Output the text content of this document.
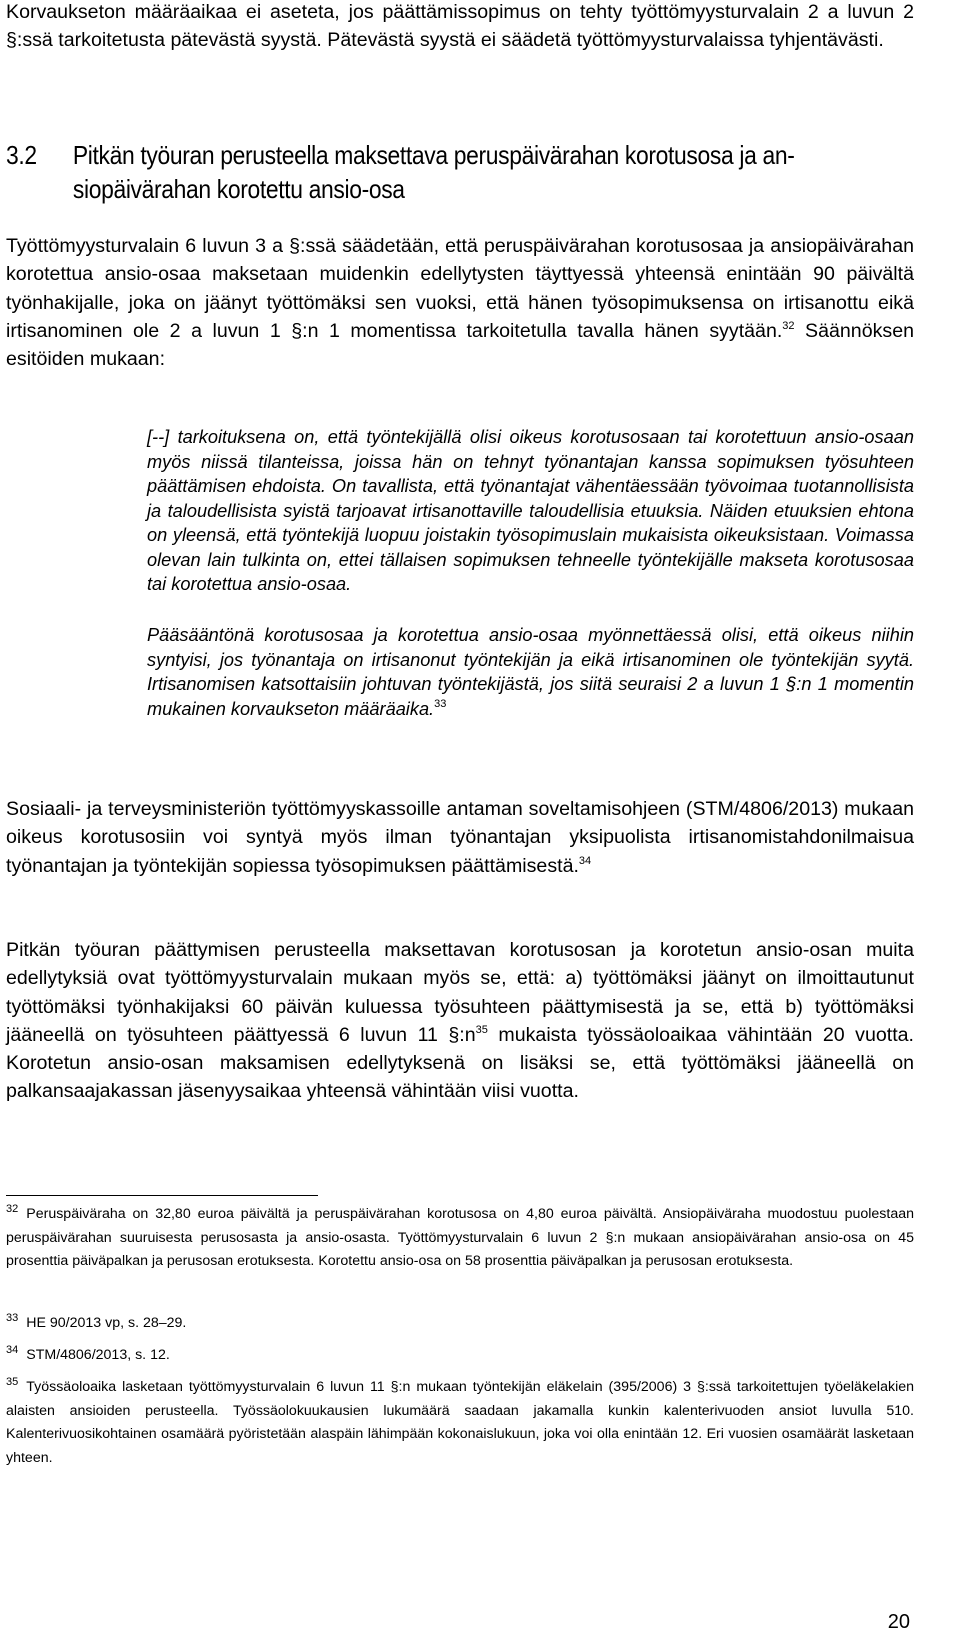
Korvaukseton määräaikaa ei aseteta, jos päättämissopimus on tehty työttömyysturvalain 2 a luvun 2 §:ssä tarkoitetusta pätevästä syystä. Pätevästä syystä ei säädetä työttömyysturvalaissa tyhjentävästi.

3.2 Pitkän työuran perusteella maksettava peruspäivärahan korotusosa ja an-
siopäivärahan korotettu ansio-osa

Työttömyysturvalain 6 luvun 3 a §:ssä säädetään, että peruspäivärahan korotusosaa ja ansiopäivärahan korotettua ansio-osaa maksetaan muidenkin edellytysten täyttyessä yhteensä enintään 90 päivältä työnhakijalle, joka on jäänyt työttömäksi sen vuoksi, että hänen työsopimuksensa on irtisanottu eikä irtisanominen ole 2 a luvun 1 §:n 1 momentissa tarkoitetulla tavalla hänen syytään.$^{32}$ Säännöksen esitöiden mukaan:

[--] tarkoituksena on, että työntekijällä olisi oikeus korotusosaan tai korotettuun ansio-osaan myös niissä tilanteissa, joissa hän on tehnyt työnantajan kanssa sopimuksen työsuhteen päättämisen ehdoista. On tavallista, että työnantajat vähentäessään työvoimaa tuotannollisista ja taloudellisista syistä tarjoavat irtisanottaville taloudellisia etuuksia. Näiden etuuksien ehtona on yleensä, että työntekijä luopuu joistakin työsopimuslain mukaisista oikeuksistaan. Voimassa olevan lain tulkinta on, ettei tällaisen sopimuksen tehneelle työntekijälle makseta korotusosaa tai korotettua ansio-osaa.

Pääsääntönä korotusosaa ja korotettua ansio-osaa myönnettäessä olisi, että oikeus niihin syntyisi, jos työnantaja on irtisanonut työntekijän ja eikä irtisanominen ole työntekijän syytä. Irtisanomisen katsottaisiin johtuvan työntekijästä, jos siitä seuraisi 2 a luvun 1 §:n 1 momentin mukainen korvaukseton määräaika.$^{33}$

Sosiaali- ja terveysministeriön työttömyyskassoille antaman soveltamisohjeen (STM/4806/2013) mukaan oikeus korotusosiin voi syntyä myös ilman työnantajan yksipuolista irtisanomistahdonilmaisua työnantajan ja työntekijän sopiessa työsopimuksen päättämisestä.$^{34}$

Pitkän työuran päättymisen perusteella maksettavan korotusosan ja korotetun ansio-osan muita edellytyksiä ovat työttömyysturvalain mukaan myös se, että: a) työttömäksi jäänyt on ilmoittautunut työttömäksi työnhakijaksi 60 päivän kuluessa työsuhteen päättymisestä ja se, että b) työttömäksi jääneellä on työsuhteen päättyessä 6 luvun 11 $\S:n^{35}$ mukaista työssäoloaikaa vähintään 20 vuotta. Korotetun ansio-osan maksamisen edellytyksenä on lisäksi se, että työttömäksi jääneellä on palkansaajakassan jäsenyysaikaa yhteensä vähintään viisi vuotta.

$^{32}$ Peruspäiväraha on 32,80 euroa päivältä ja peruspäivärahan korotusosa on 4,80 euroa päivältä. Ansiopäiväraha muodostuu puolestaan peruspäivärahan suuruisesta perusosasta ja ansio-osasta. Työttömyysturvalain 6 luvun 2 §:n mukaan ansiopäivärahan ansio-osa on 45 prosenttia päiväpalkan ja perusosan erotuksesta. Korotettu ansio-osa on 58 prosenttia päiväpalkan ja perusosan erotuksesta.

$^{33}$ HE 90/2013 vp, s. 28–29.

$^{34}$ STM/4806/2013, s. 12.

$^{35}$ Työssäoloaika lasketaan työttömyysturvalain 6 luvun 11 §:n mukaan työntekijän eläkelain (395/2006) 3 §:ssä tarkoitettujen työeläkelakien alaisten ansioiden perusteella. Työssäolokuukausien lukumäärä saadaan jakamalla kunkin kalenterivuoden ansiot luvulla 510. Kalenterivuosikohtainen osamäärä pyöristetään alaspäin lähimpään kokonaislukuun, joka voi olla enintään 12. Eri vuosien osamäärät lasketaan yhteen.

20
